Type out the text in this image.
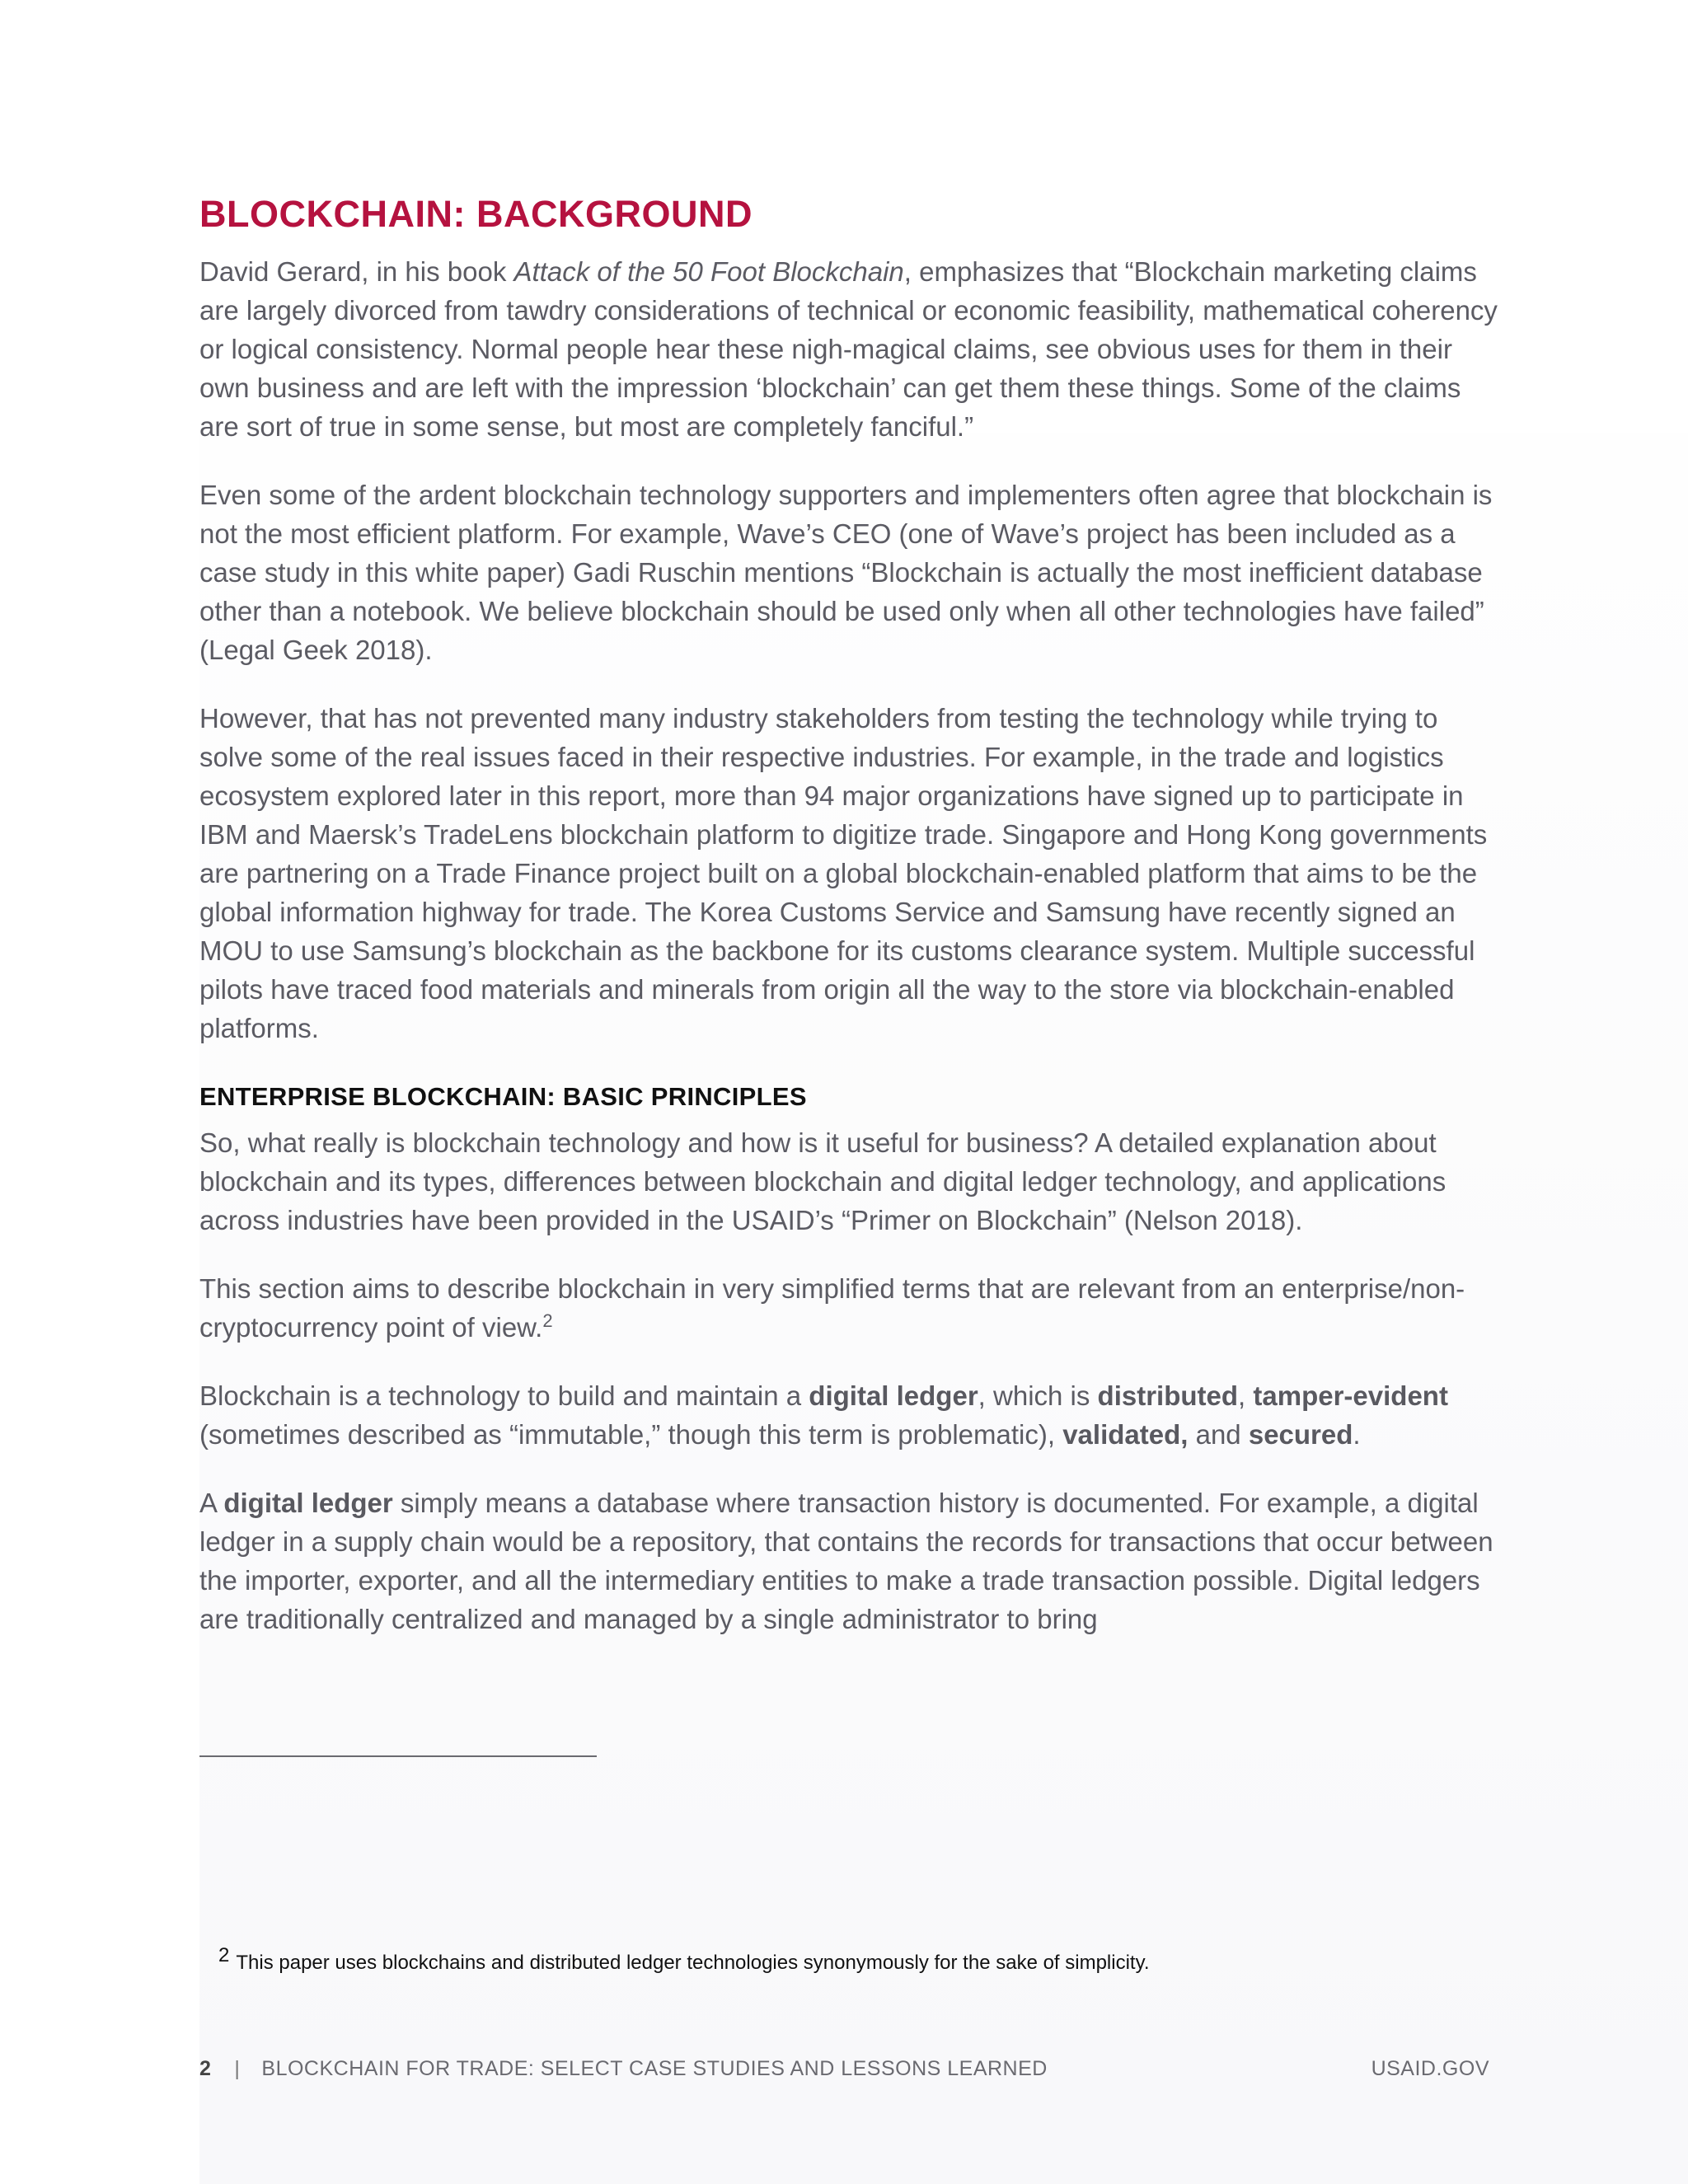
BLOCKCHAIN: BACKGROUND

David Gerard, in his book Attack of the 50 Foot Blockchain, emphasizes that “Blockchain marketing claims are largely divorced from tawdry considerations of technical or economic feasibility, mathematical coherency or logical consistency. Normal people hear these nigh-magical claims, see obvious uses for them in their own business and are left with the impression ‘blockchain’ can get them these things. Some of the claims are sort of true in some sense, but most are completely fanciful.”

Even some of the ardent blockchain technology supporters and implementers often agree that blockchain is not the most efficient platform. For example, Wave’s CEO (one of Wave’s project has been included as a case study in this white paper) Gadi Ruschin mentions “Blockchain is actually the most inefficient database other than a notebook. We believe blockchain should be used only when all other technologies have failed” (Legal Geek 2018).

However, that has not prevented many industry stakeholders from testing the technology while trying to solve some of the real issues faced in their respective industries. For example, in the trade and logistics ecosystem explored later in this report, more than 94 major organizations have signed up to participate in IBM and Maersk’s TradeLens blockchain platform to digitize trade. Singapore and Hong Kong governments are partnering on a Trade Finance project built on a global blockchain-enabled platform that aims to be the global information highway for trade. The Korea Customs Service and Samsung have recently signed an MOU to use Samsung’s blockchain as the backbone for its customs clearance system. Multiple successful pilots have traced food materials and minerals from origin all the way to the store via blockchain-enabled platforms.

ENTERPRISE BLOCKCHAIN: BASIC PRINCIPLES

So, what really is blockchain technology and how is it useful for business? A detailed explanation about blockchain and its types, differences between blockchain and digital ledger technology, and applications across industries have been provided in the USAID’s “Primer on Blockchain” (Nelson 2018).

This section aims to describe blockchain in very simplified terms that are relevant from an enterprise/non-cryptocurrency point of view.$^2$

Blockchain is a technology to build and maintain a digital ledger, which is distributed, tamper-evident (sometimes described as “immutable,” though this term is problematic), validated, and secured.

A digital ledger simply means a database where transaction history is documented. For example, a digital ledger in a supply chain would be a repository, that contains the records for transactions that occur between the importer, exporter, and all the intermediary entities to make a trade transaction possible. Digital ledgers are traditionally centralized and managed by a single administrator to bring

$^2$ This paper uses blockchains and distributed ledger technologies synonymously for the sake of simplicity.
2 | BLOCKCHAIN FOR TRADE: SELECT CASE STUDIES AND LESSONS LEARNED	USAID.GOV
